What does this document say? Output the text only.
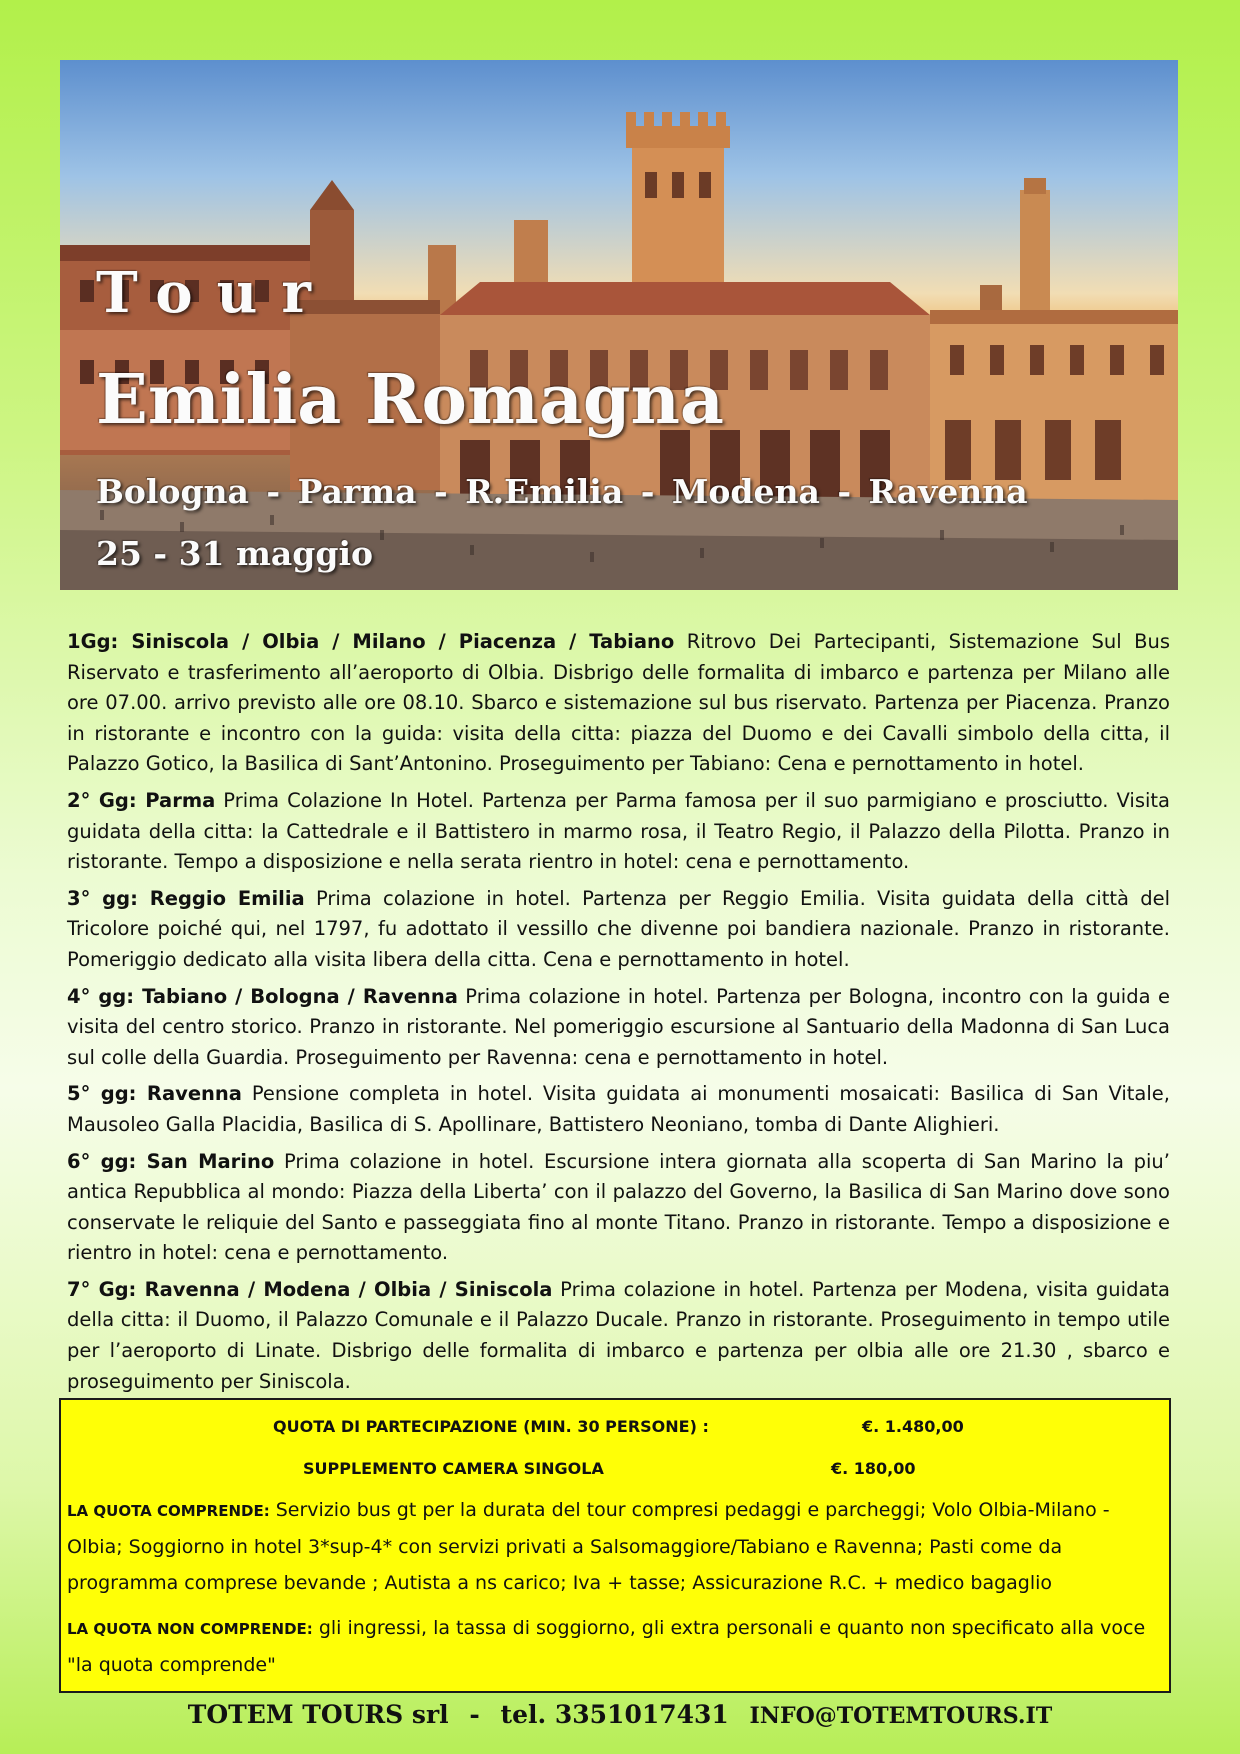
Tour
Emilia Romagna
Bologna - Parma - R.Emilia - Modena - Ravenna
25 - 31 maggio

1Gg: Siniscola / Olbia / Milano / Piacenza / Tabiano Ritrovo Dei Partecipanti, Sistemazione Sul Bus Riservato e trasferimento all’aeroporto di Olbia. Disbrigo delle formalita di imbarco e partenza per Milano alle ore 07.00. arrivo previsto alle ore 08.10. Sbarco e sistemazione sul bus riservato. Partenza per Piacenza. Pranzo in ristorante e incontro con la guida: visita della citta: piazza del Duomo e dei Cavalli simbolo della citta, il Palazzo Gotico, la Basilica di Sant’Antonino. Proseguimento per Tabiano: Cena e pernottamento in hotel.

2° Gg: Parma Prima Colazione In Hotel. Partenza per Parma famosa per il suo parmigiano e prosciutto. Visita guidata della citta: la Cattedrale e il Battistero in marmo rosa, il Teatro Regio, il Palazzo della Pilotta. Pranzo in ristorante. Tempo a disposizione e nella serata rientro in hotel: cena e pernottamento.

3° gg: Reggio Emilia Prima colazione in hotel. Partenza per Reggio Emilia. Visita guidata della città del Tricolore poiché qui, nel 1797, fu adottato il vessillo che divenne poi bandiera nazionale. Pranzo in ristorante. Pomeriggio dedicato alla visita libera della citta. Cena e pernottamento in hotel.

4° gg: Tabiano / Bologna / Ravenna Prima colazione in hotel. Partenza per Bologna, incontro con la guida e visita del centro storico. Pranzo in ristorante. Nel pomeriggio escursione al Santuario della Madonna di San Luca sul colle della Guardia. Proseguimento per Ravenna: cena e pernottamento in hotel.

5° gg: Ravenna Pensione completa in hotel. Visita guidata ai monumenti mosaicati: Basilica di San Vitale, Mausoleo Galla Placidia, Basilica di S. Apollinare, Battistero Neoniano, tomba di Dante Alighieri.

6° gg: San Marino Prima colazione in hotel. Escursione intera giornata alla scoperta di San Marino la piu’ antica Repubblica al mondo: Piazza della Liberta’ con il palazzo del Governo, la Basilica di San Marino dove sono conservate le reliquie del Santo e passeggiata fino al monte Titano. Pranzo in ristorante. Tempo a disposizione e rientro in hotel: cena e pernottamento.

7° Gg: Ravenna / Modena / Olbia / Siniscola Prima colazione in hotel. Partenza per Modena, visita guidata della citta: il Duomo, il Palazzo Comunale e il Palazzo Ducale. Pranzo in ristorante. Proseguimento in tempo utile per l’aeroporto di Linate. Disbrigo delle formalita di imbarco e partenza per olbia alle ore 21.30 , sbarco e proseguimento per Siniscola.

QUOTA DI PARTECIPAZIONE (MIN. 30 PERSONE) :	€. 1.480,00
SUPPLEMENTO CAMERA SINGOLA	€. 180,00
LA QUOTA COMPRENDE: Servizio bus gt per la durata del tour compresi pedaggi e parcheggi; Volo Olbia-Milano -Olbia; Soggiorno in hotel 3*sup-4* con servizi privati a Salsomaggiore/Tabiano e Ravenna; Pasti come da programma comprese bevande ; Autista a ns carico; Iva + tasse; Assicurazione R.C. + medico bagaglio
LA QUOTA NON COMPRENDE: gli ingressi, la tassa di soggiorno, gli extra personali e quanto non specificato alla voce "la quota comprende"
TOTEM TOURS srl - tel. 3351017431 INFO@TOTEMTOURS.IT
